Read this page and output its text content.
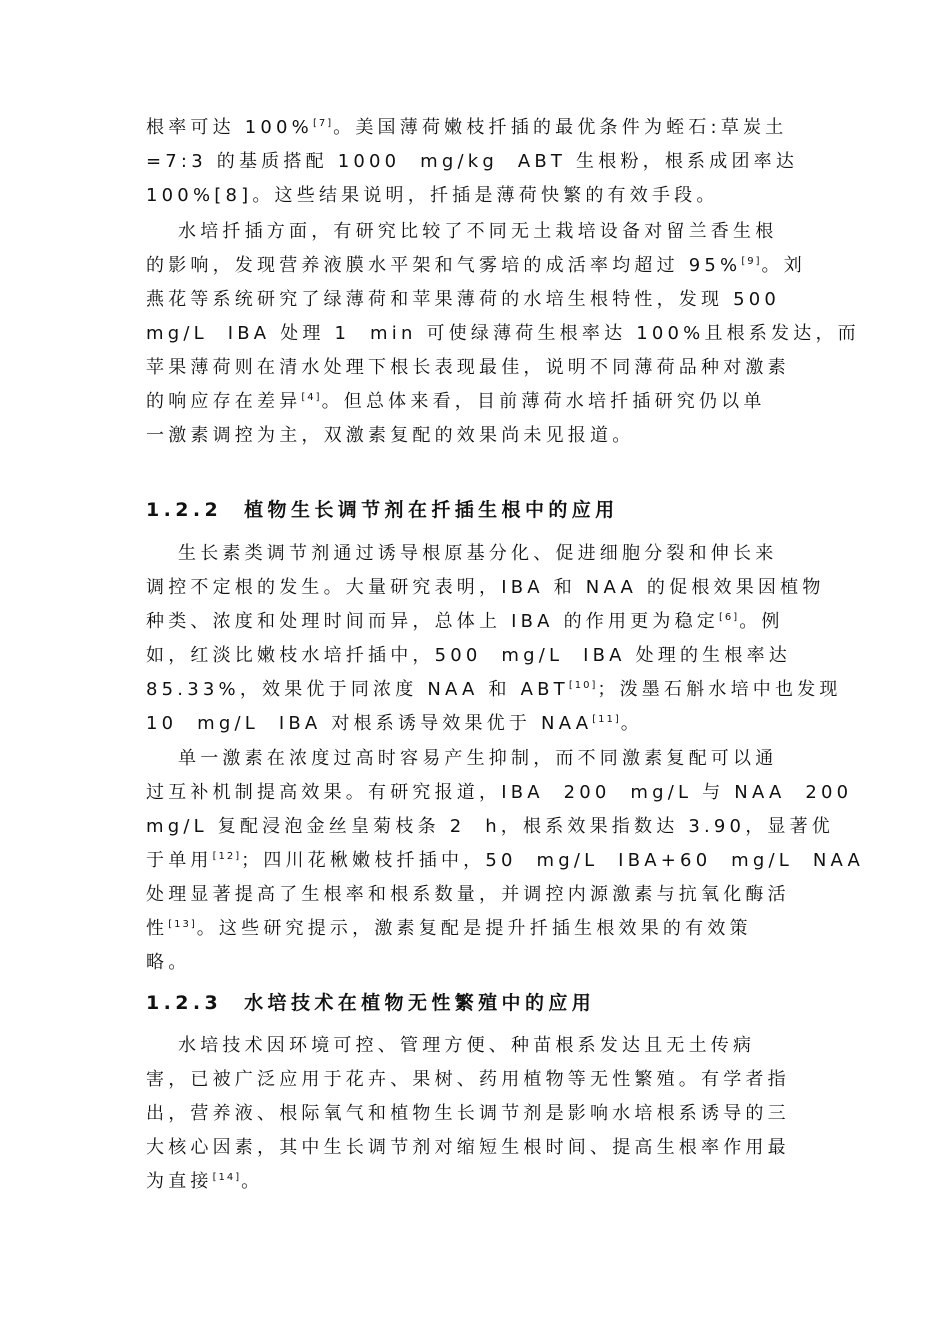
根率可达 100%[7]。美国薄荷嫩枝扦插的最优条件为蛭石:草炭土
=7:3 的基质搭配 1000  mg/kg  ABT 生根粉，根系成团率达
100%[8]。这些结果说明，扦插是薄荷快繁的有效手段。
水培扦插方面，有研究比较了不同无土栽培设备对留兰香生根
的影响，发现营养液膜水平架和气雾培的成活率均超过 95%[9]。刘
燕花等系统研究了绿薄荷和苹果薄荷的水培生根特性，发现 500
mg/L  IBA 处理 1  min 可使绿薄荷生根率达 100%且根系发达，而
苹果薄荷则在清水处理下根长表现最佳，说明不同薄荷品种对激素
的响应存在差异[4]。但总体来看，目前薄荷水培扦插研究仍以单
一激素调控为主，双激素复配的效果尚未见报道。
1.2.2 植物生长调节剂在扦插生根中的应用
生长素类调节剂通过诱导根原基分化、促进细胞分裂和伸长来
调控不定根的发生。大量研究表明，IBA 和 NAA 的促根效果因植物
种类、浓度和处理时间而异，总体上 IBA 的作用更为稳定[6]。例
如，红淡比嫩枝水培扦插中，500  mg/L  IBA 处理的生根率达
85.33%，效果优于同浓度 NAA 和 ABT[10]；泼墨石斛水培中也发现
10  mg/L  IBA 对根系诱导效果优于 NAA[11]。
单一激素在浓度过高时容易产生抑制，而不同激素复配可以通
过互补机制提高效果。有研究报道，IBA  200  mg/L 与 NAA  200
mg/L 复配浸泡金丝皇菊枝条 2  h，根系效果指数达 3.90，显著优
于单用[12]；四川花楸嫩枝扦插中，50  mg/L  IBA+60  mg/L  NAA
处理显著提高了生根率和根系数量，并调控内源激素与抗氧化酶活
性[13]。这些研究提示，激素复配是提升扦插生根效果的有效策
略。
1.2.3 水培技术在植物无性繁殖中的应用
水培技术因环境可控、管理方便、种苗根系发达且无土传病
害，已被广泛应用于花卉、果树、药用植物等无性繁殖。有学者指
出，营养液、根际氧气和植物生长调节剂是影响水培根系诱导的三
大核心因素，其中生长调节剂对缩短生根时间、提高生根率作用最
为直接[14]。
